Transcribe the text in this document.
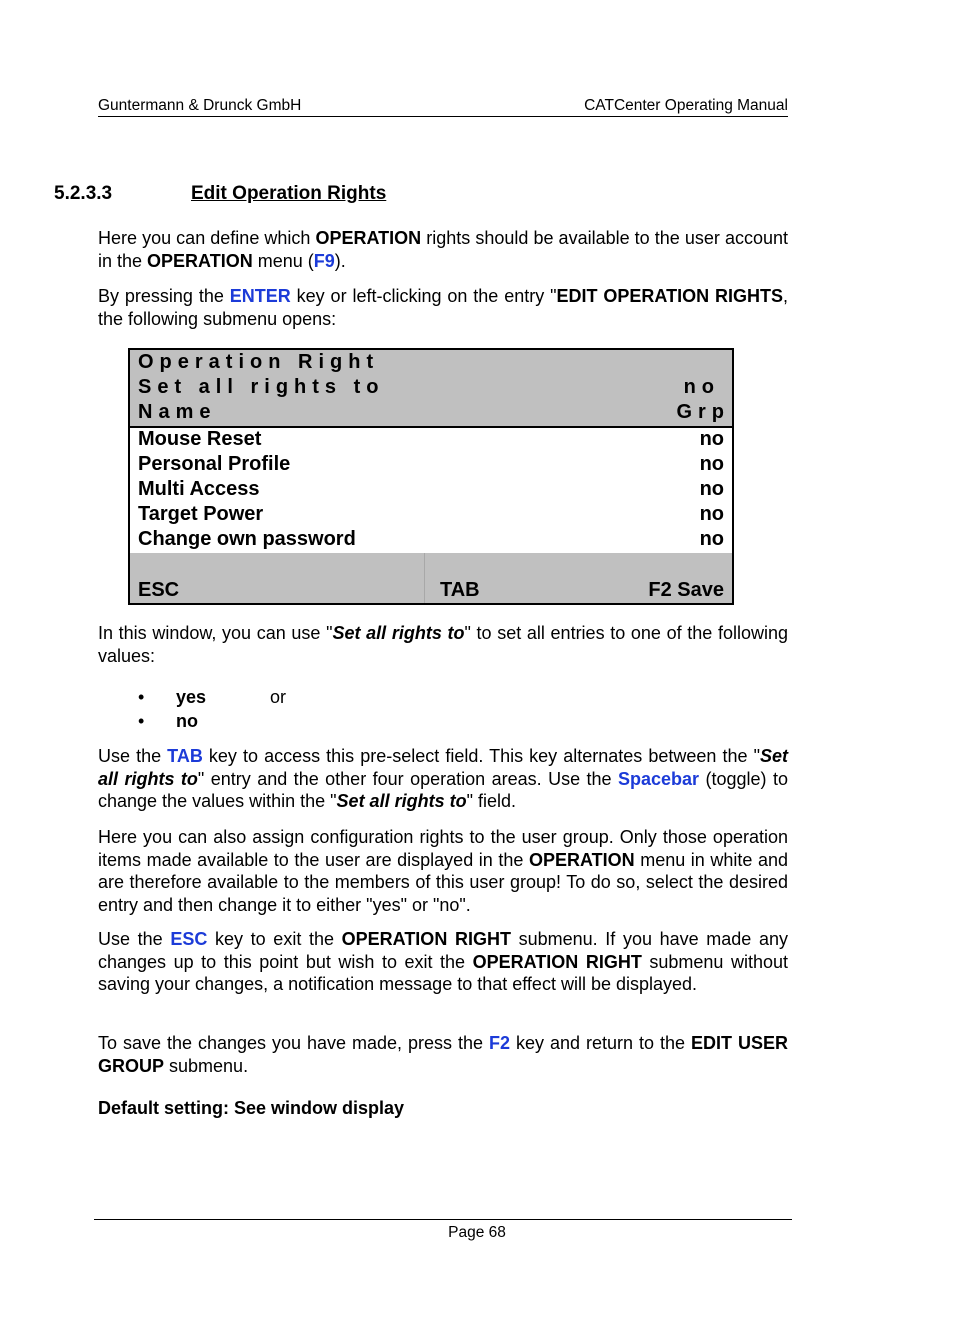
Guntermann & Drunck GmbH	CATCenter Operating Manual
5.2.3.3	Edit Operation Rights

Here you can define which OPERATION rights should be available to the user account in the OPERATION menu (F9).

By pressing the ENTER key or left-clicking on the entry "EDIT OPERATION RIGHTS, the following submenu opens:

Operation Right
Set all rights to	no
Name	Grp
Mouse Reset	no
Personal Profile	no
Multi Access	no
Target Power	no
Change own password	no
ESC	TAB	F2 Save

In this window, you can use "Set all rights to" to set all entries to one of the following values:

• yes	or
• no

Use the TAB key to access this pre-select field. This key alternates between the "Set all rights to" entry and the other four operation areas. Use the Spacebar (toggle) to change the values within the "Set all rights to" field.

Here you can also assign configuration rights to the user group. Only those operation items made available to the user are displayed in the OPERATION menu in white and are therefore available to the members of this user group! To do so, select the desired entry and then change it to either "yes" or "no".

Use the ESC key to exit the OPERATION RIGHT submenu. If you have made any changes up to this point but wish to exit the OPERATION RIGHT submenu without saving your changes, a notification message to that effect will be displayed.

To save the changes you have made, press the F2 key and return to the EDIT USER GROUP submenu.

Default setting: See window display

Page 68
